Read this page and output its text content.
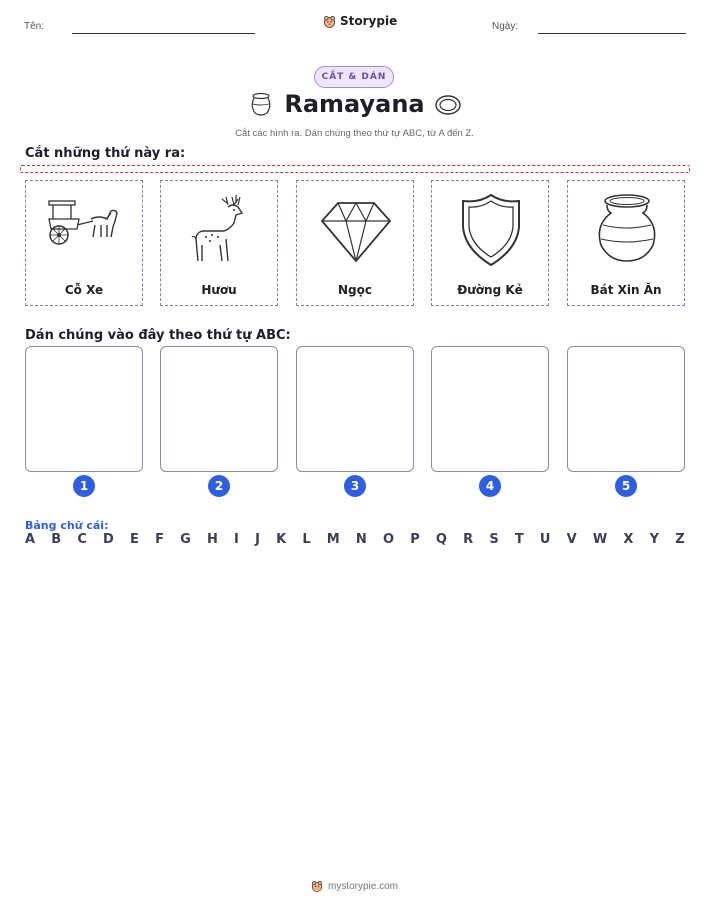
Tên:	Storypie	Ngày:
CẮT & DÁN
Ramayana
Cắt các hình ra. Dán chúng theo thứ tự ABC, từ A đến Z.
Cắt những thứ này ra:
Cỗ Xe	Hươu	Ngọc	Đường Kẻ	Bát Xin Ăn
Dán chúng vào đây theo thứ tự ABC:
1	2	3	4	5
Bảng chữ cái:
A B C D E F G H I J K L M N O P Q R S T U V W X Y Z
mystorypie.com
